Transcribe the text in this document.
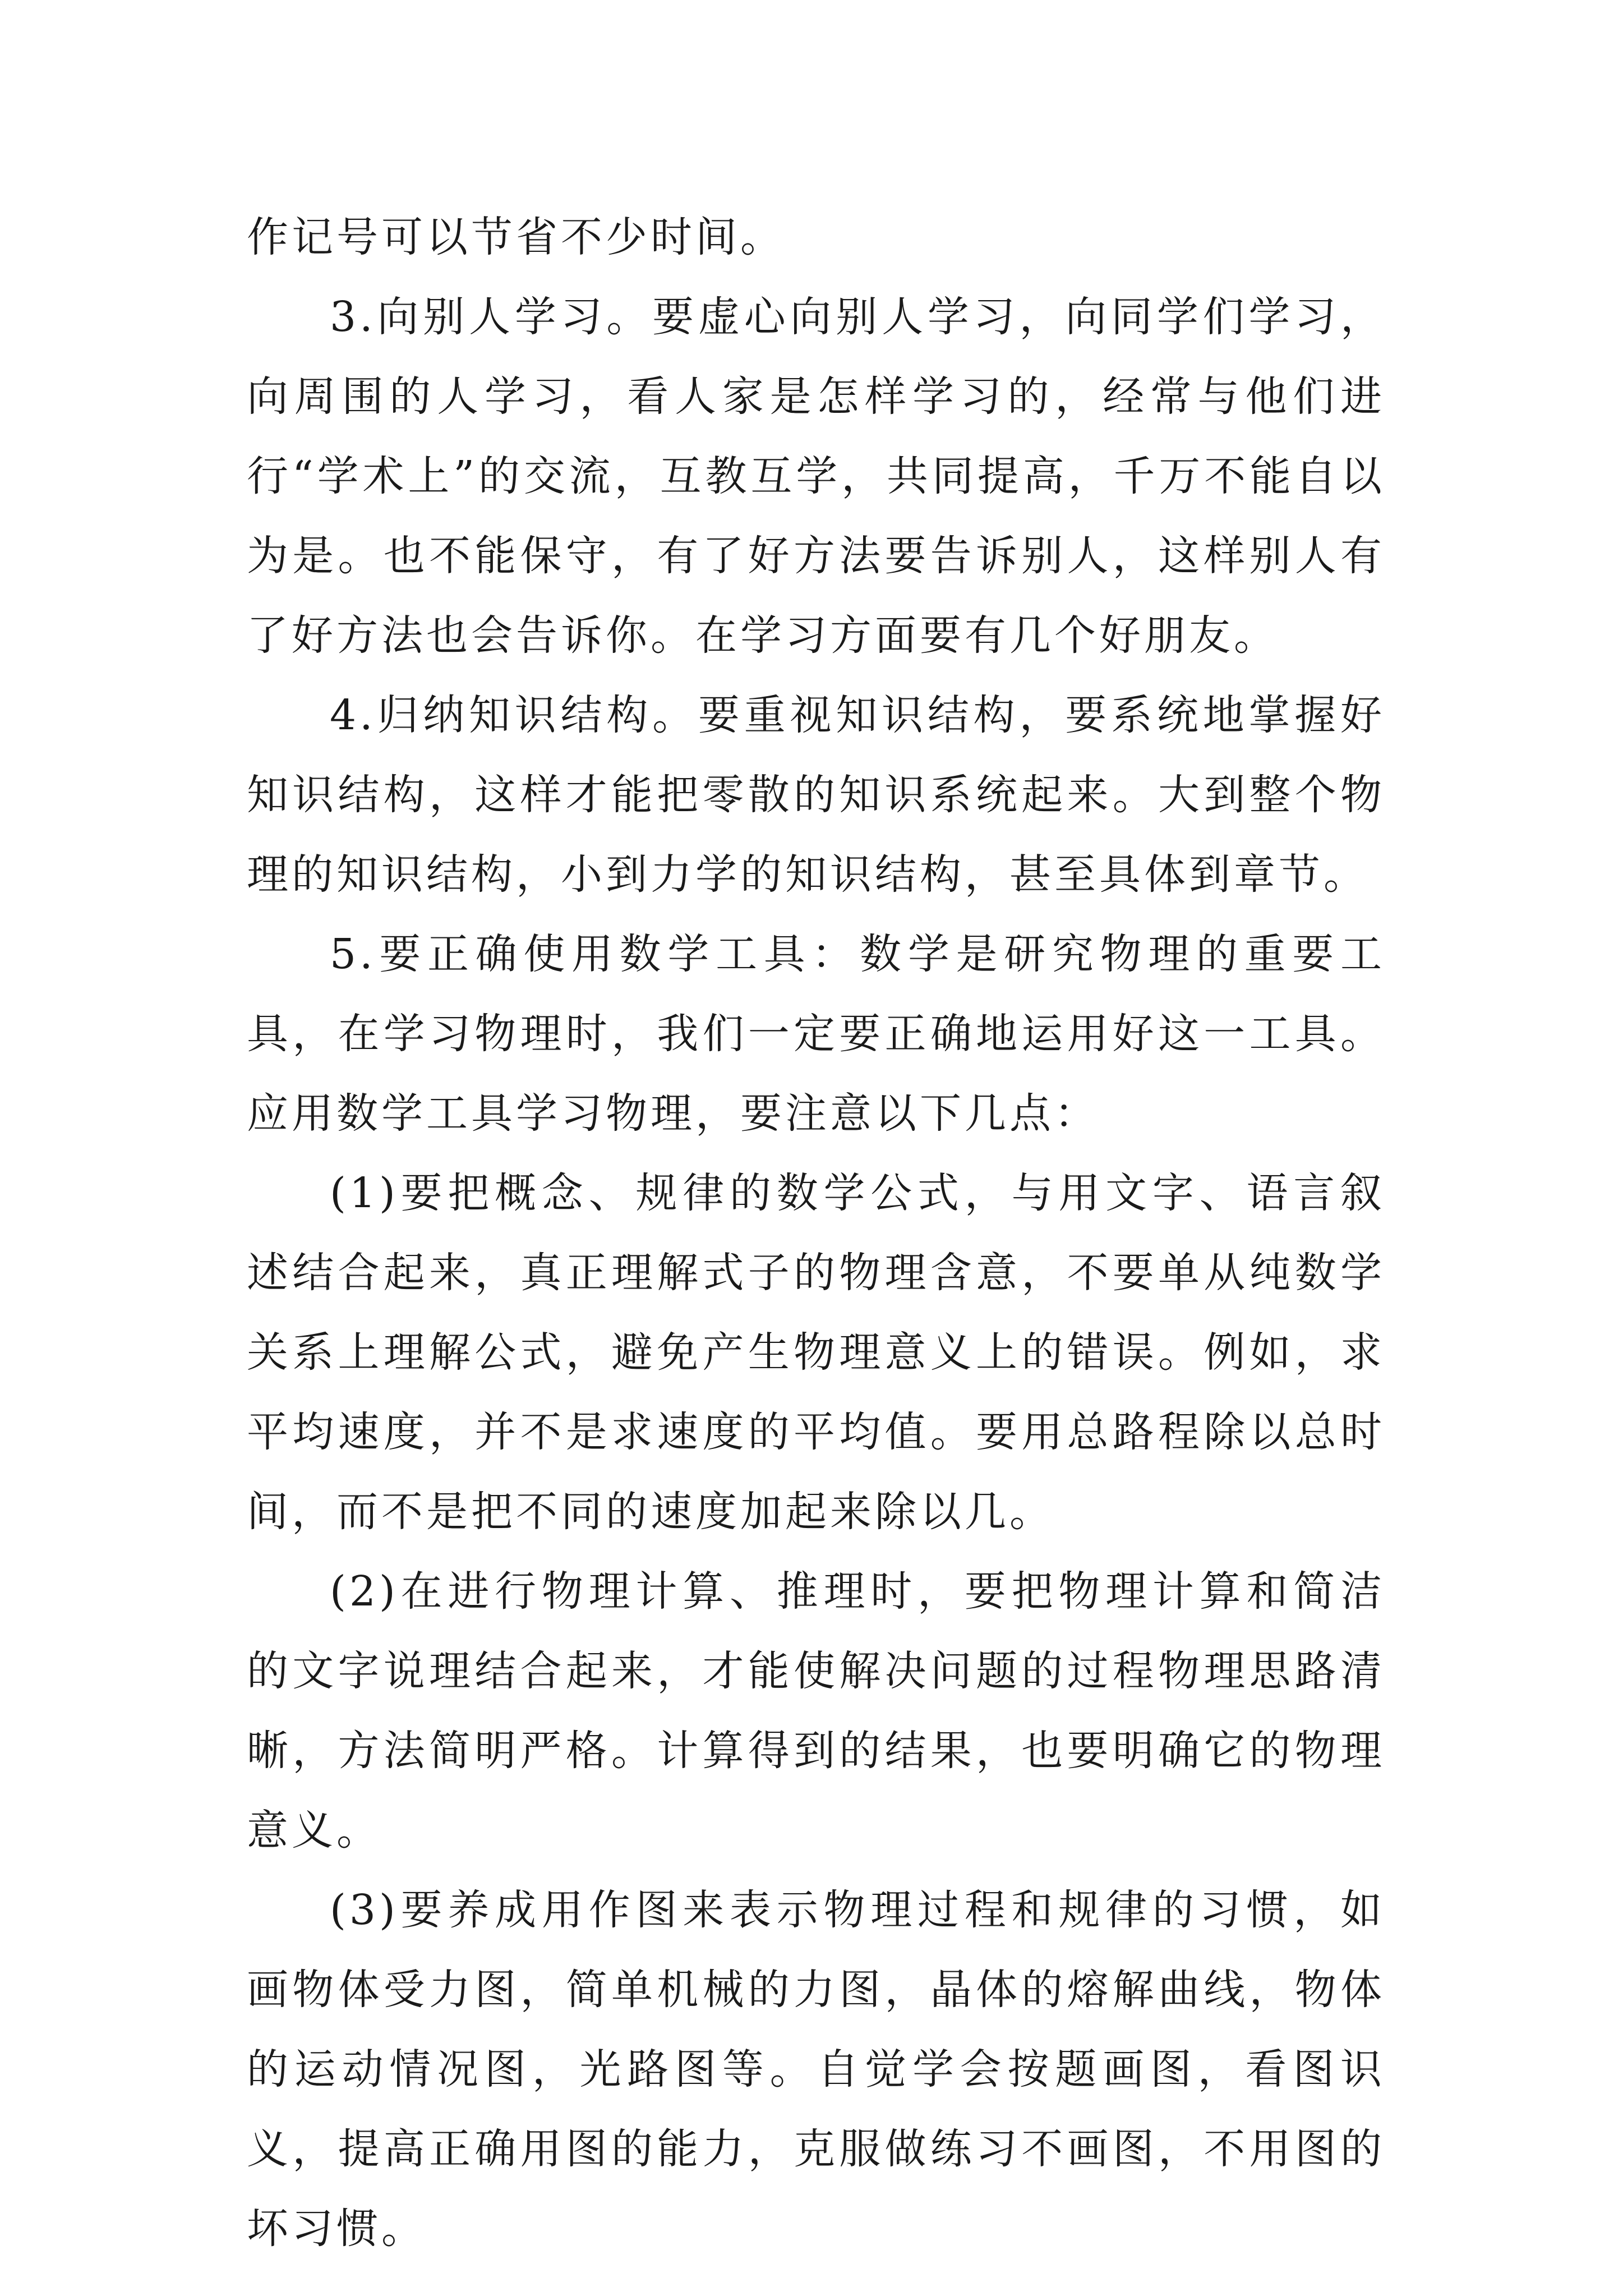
作记号可以节省不少时间。

3.向别人学习。要虚心向别人学习，向同学们学习，向周围的人学习，看人家是怎样学习的，经常与他们进行“学术上”的交流，互教互学，共同提高，千万不能自以为是。也不能保守，有了好方法要告诉别人，这样别人有了好方法也会告诉你。在学习方面要有几个好朋友。

4.归纳知识结构。要重视知识结构，要系统地掌握好知识结构，这样才能把零散的知识系统起来。大到整个物理的知识结构，小到力学的知识结构，甚至具体到章节。

5.要正确使用数学工具：数学是研究物理的重要工具，在学习物理时，我们一定要正确地运用好这一工具。应用数学工具学习物理，要注意以下几点：

(1)要把概念、规律的数学公式，与用文字、语言叙述结合起来，真正理解式子的物理含意，不要单从纯数学关系上理解公式，避免产生物理意义上的错误。例如，求平均速度，并不是求速度的平均值。要用总路程除以总时间，而不是把不同的速度加起来除以几。

(2)在进行物理计算、推理时，要把物理计算和简洁的文字说理结合起来，才能使解决问题的过程物理思路清晰，方法简明严格。计算得到的结果，也要明确它的物理意义。

(3)要养成用作图来表示物理过程和规律的习惯，如画物体受力图，简单机械的力图，晶体的熔解曲线，物体的运动情况图，光路图等。自觉学会按题画图，看图识义，提高正确用图的能力，克服做练习不画图，不用图的坏习惯。
